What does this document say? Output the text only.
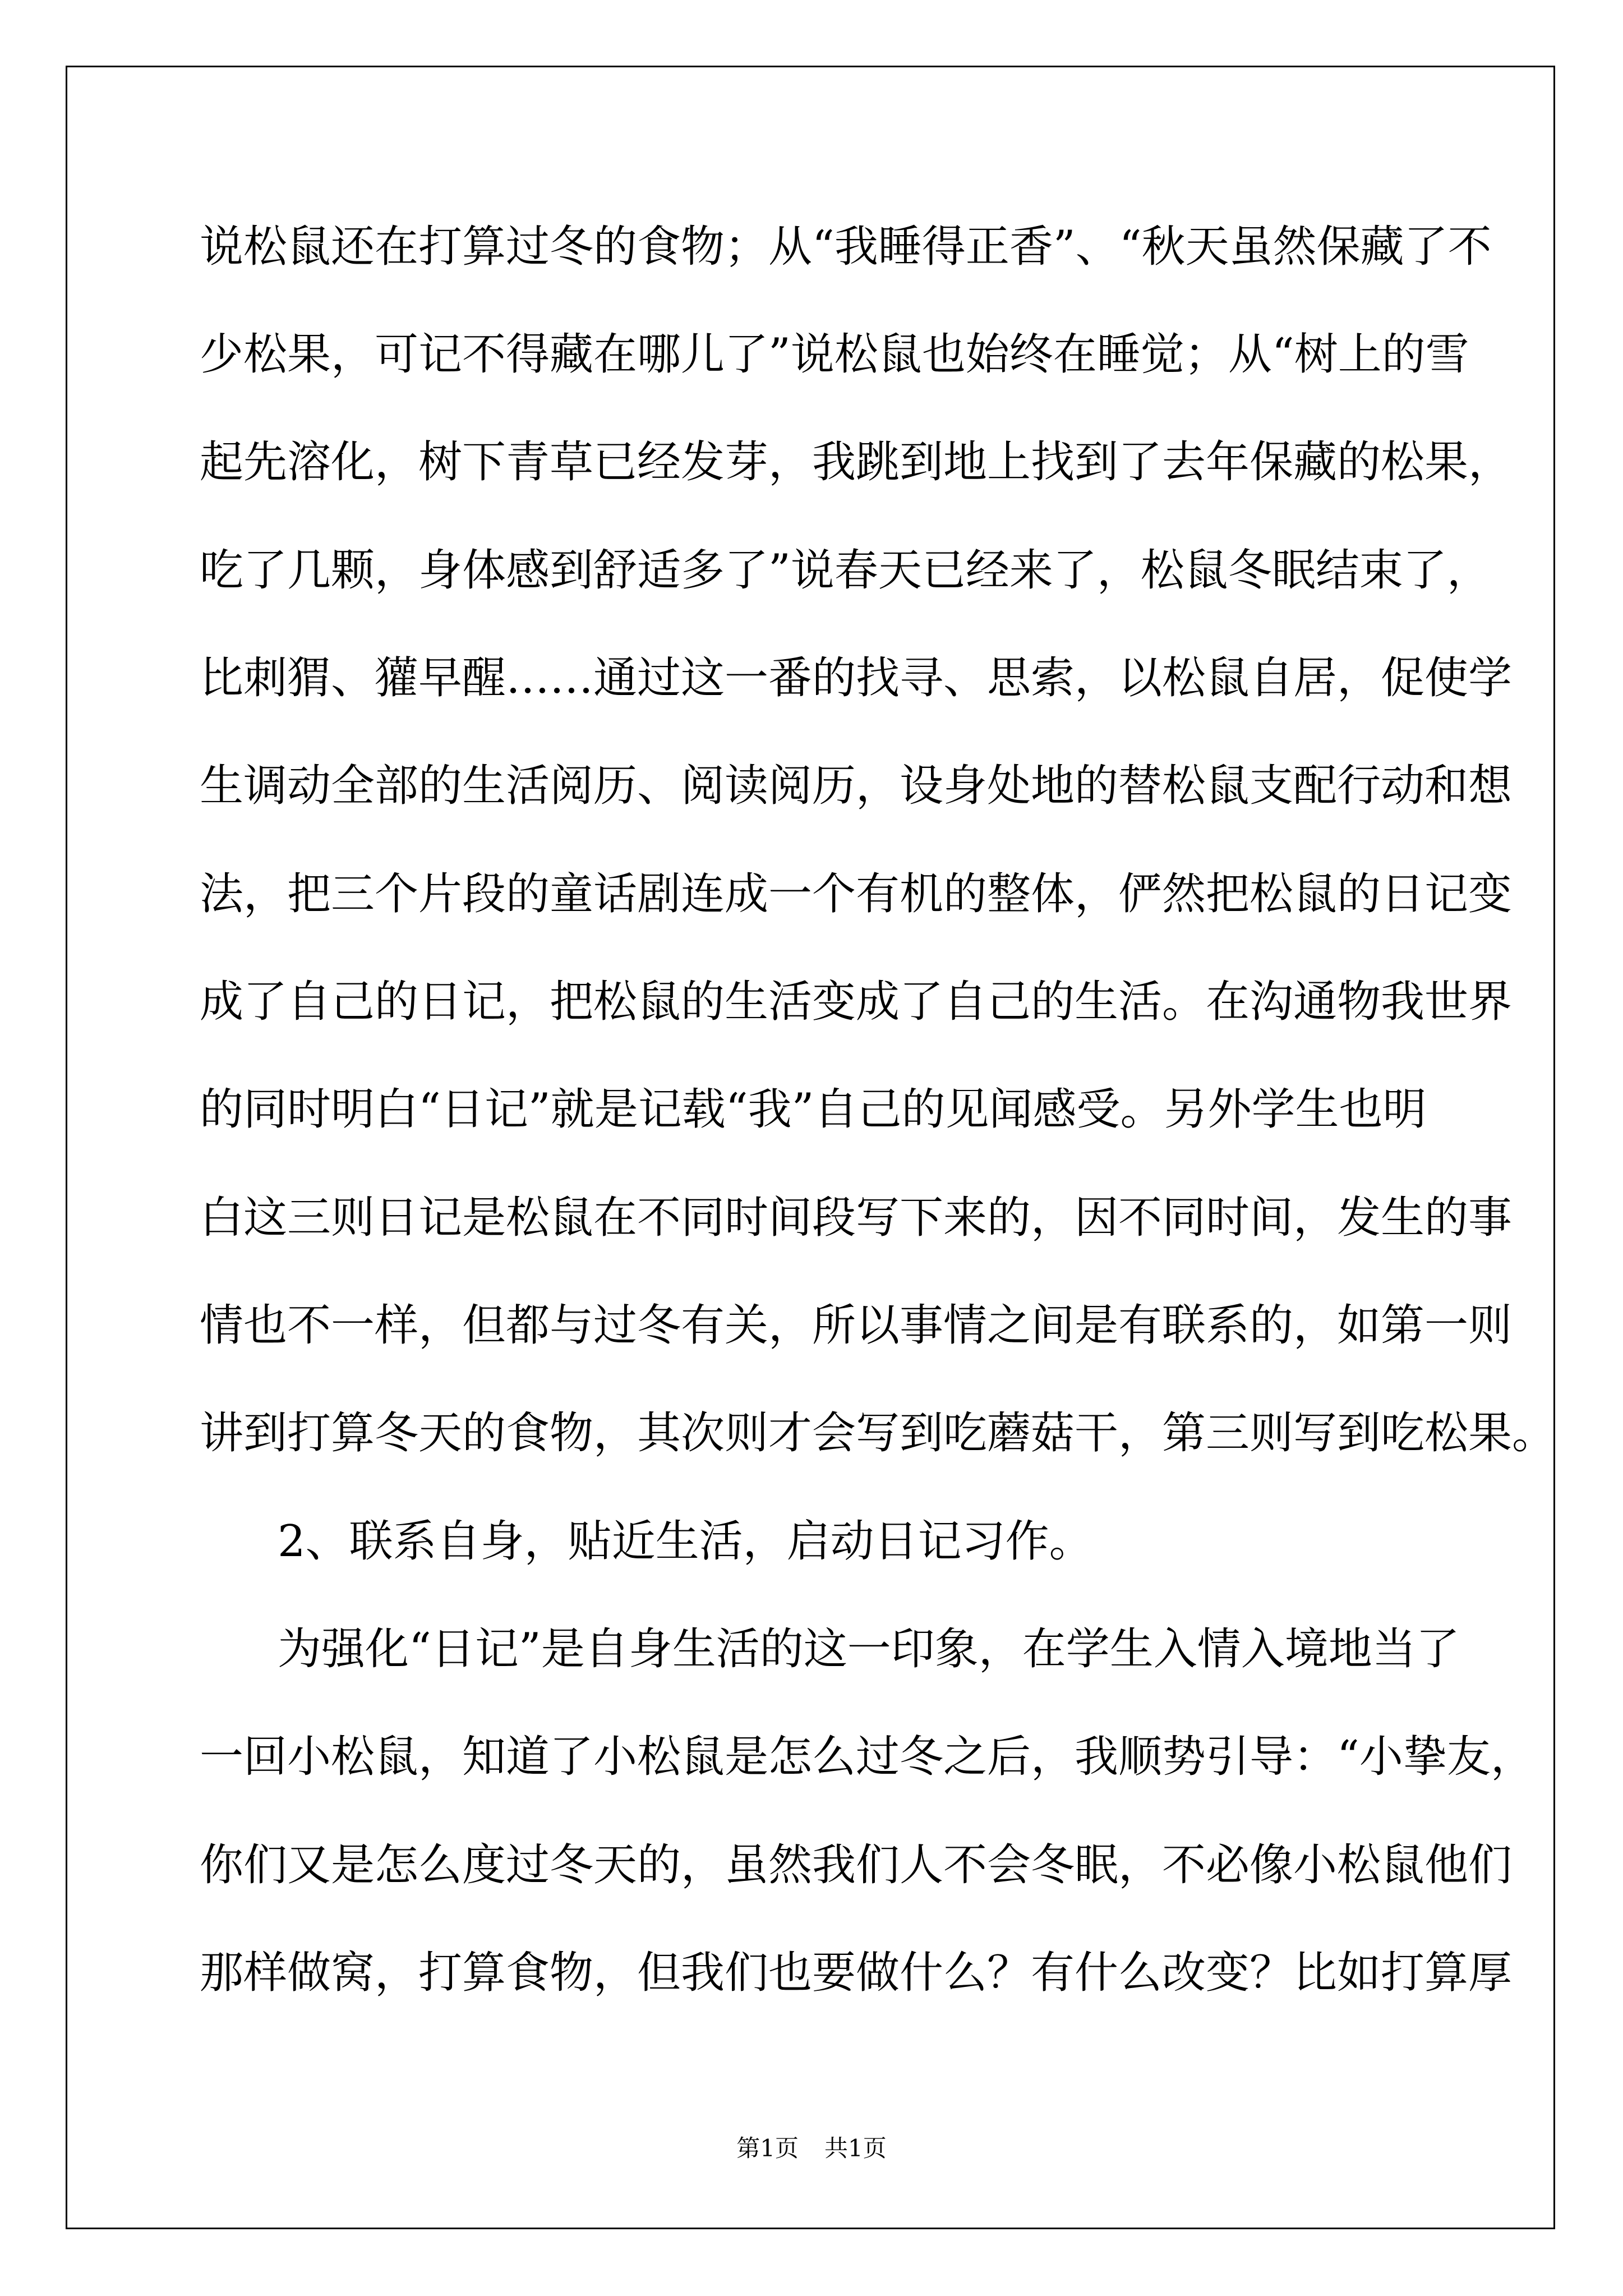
说松鼠还在打算过冬的食物；从“我睡得正香”、“秋天虽然保藏了不
少松果，可记不得藏在哪儿了”说松鼠也始终在睡觉；从“树上的雪
起先溶化，树下青草已经发芽，我跳到地上找到了去年保藏的松果，
吃了几颗，身体感到舒适多了”说春天已经来了，松鼠冬眠结束了，
比刺猬、獾早醒……通过这一番的找寻、思索，以松鼠自居，促使学
生调动全部的生活阅历、阅读阅历，设身处地的替松鼠支配行动和想
法，把三个片段的童话剧连成一个有机的整体，俨然把松鼠的日记变
成了自己的日记，把松鼠的生活变成了自己的生活。在沟通物我世界
的同时明白“日记”就是记载“我”自己的见闻感受。另外学生也明
白这三则日记是松鼠在不同时间段写下来的，因不同时间，发生的事
情也不一样，但都与过冬有关，所以事情之间是有联系的，如第一则
讲到打算冬天的食物，其次则才会写到吃蘑菇干，第三则写到吃松果。
2、联系自身，贴近生活，启动日记习作。
为强化“日记”是自身生活的这一印象，在学生入情入境地当了
一回小松鼠，知道了小松鼠是怎么过冬之后，我顺势引导：“小挚友，
你们又是怎么度过冬天的，虽然我们人不会冬眠，不必像小松鼠他们
那样做窝，打算食物，但我们也要做什么？有什么改变？比如打算厚
第1页 共1页
